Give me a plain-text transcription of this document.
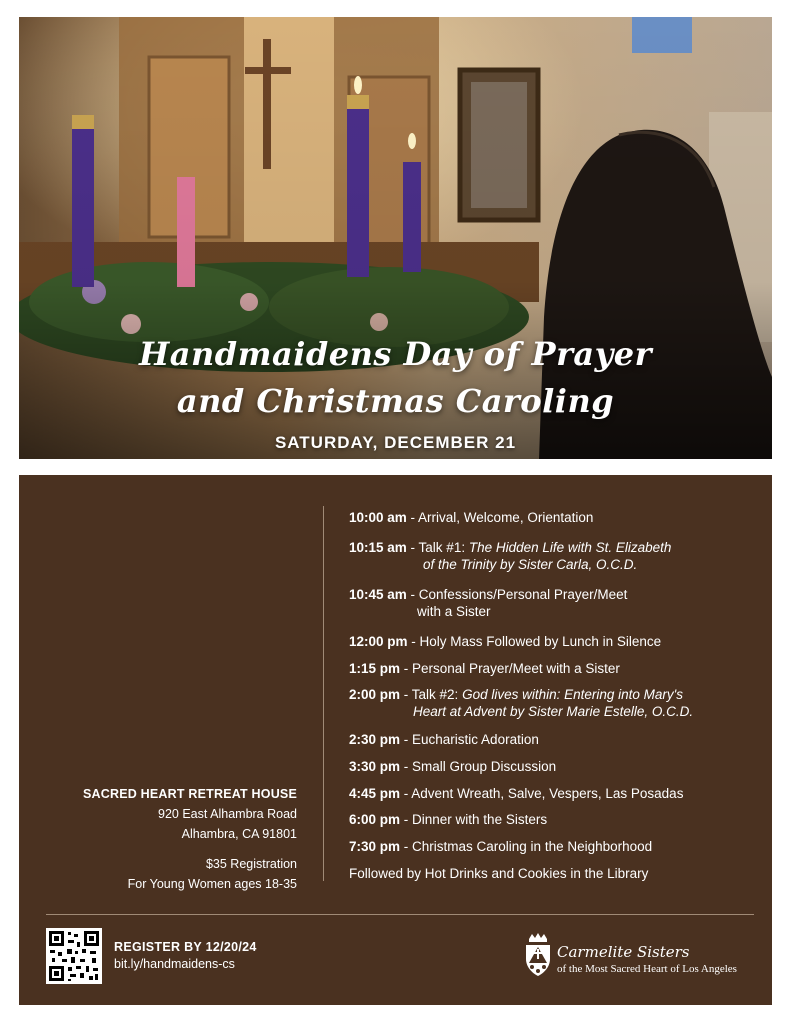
Handmaidens Day of Prayer
and Christmas Caroling
SATURDAY, DECEMBER 21
SACRED HEART RETREAT HOUSE
920 East Alhambra Road
Alhambra, CA 91801
$35 Registration
For Young Women ages 18-35
10:00 am - Arrival, Welcome, Orientation
10:15 am - Talk #1: The Hidden Life with St. Elizabeth
of the Trinity by Sister Carla, O.C.D.
10:45 am - Confessions/Personal Prayer/Meet
with a Sister
12:00 pm - Holy Mass Followed by Lunch in Silence
1:15 pm - Personal Prayer/Meet with a Sister
2:00 pm - Talk #2: God lives within: Entering into Mary's
Heart at Advent by Sister Marie Estelle, O.C.D.
2:30 pm - Eucharistic Adoration
3:30 pm - Small Group Discussion
4:45 pm - Advent Wreath, Salve, Vespers, Las Posadas
6:00 pm - Dinner with the Sisters
7:30 pm - Christmas Caroling in the Neighborhood
Followed by Hot Drinks and Cookies in the Library
REGISTER BY 12/20/24
bit.ly/handmaidens-cs
Carmelite Sisters
of the Most Sacred Heart of Los Angeles
